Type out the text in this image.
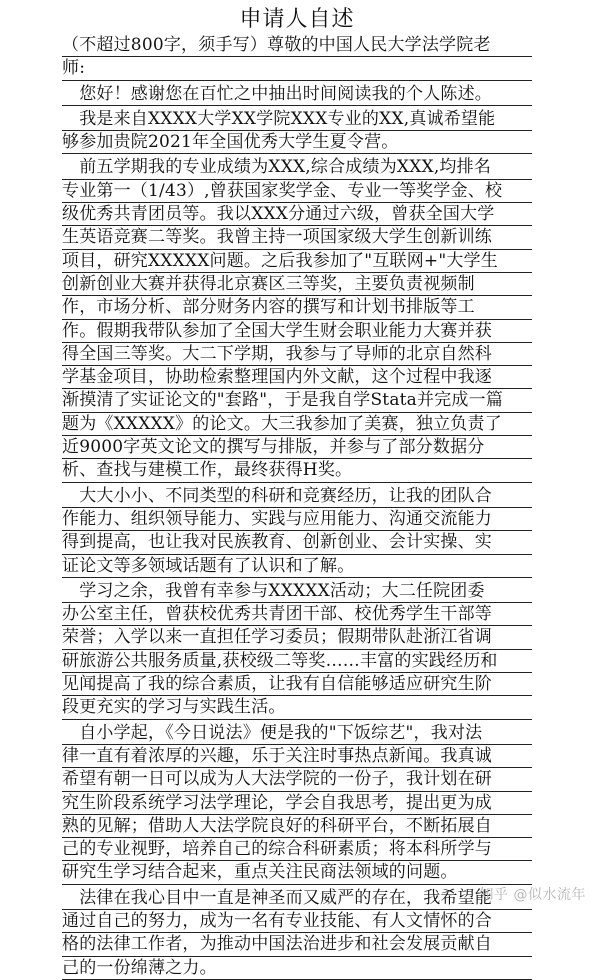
申请人自述
（不超过800字，须手写）尊敬的中国人民大学法学院老
师:
　您好！感谢您在百忙之中抽出时间阅读我的个人陈述。
　我是来自XXXX大学XX学院XXX专业的XX,真诚希望能
够参加贵院2021年全国优秀大学生夏令营。
　前五学期我的专业成绩为XXX,综合成绩为XXX,均排名
专业第一（1/43）,曾获国家奖学金、专业一等奖学金、校
级优秀共青团员等。我以XXX分通过六级，曾获全国大学
生英语竞赛二等奖。我曾主持一项国家级大学生创新训练
项目，研究XXXXX问题。之后我参加了"互联网+"大学生
创新创业大赛并获得北京赛区三等奖，主要负责视频制
作，市场分析、部分财务内容的撰写和计划书排版等工
作。假期我带队参加了全国大学生财会职业能力大赛并获
得全国三等奖。大二下学期，我参与了导师的北京自然科
学基金项目，协助检索整理国内外文献，这个过程中我逐
渐摸清了实证论文的"套路"，于是我自学Stata并完成一篇
题为《XXXXX》的论文。大三我参加了美赛，独立负责了
近9000字英文论文的撰写与排版，并参与了部分数据分
析、查找与建模工作，最终获得H奖。
　大大小小、不同类型的科研和竞赛经历，让我的团队合
作能力、组织领导能力、实践与应用能力、沟通交流能力
得到提高，也让我对民族教育、创新创业、会计实操、实
证论文等多领域话题有了认识和了解。
　学习之余，我曾有幸参与XXXXX活动；大二任院团委
办公室主任，曾获校优秀共青团干部、校优秀学生干部等
荣誉；入学以来一直担任学习委员；假期带队赴浙江省调
研旅游公共服务质量,获校级二等奖……丰富的实践经历和
见闻提高了我的综合素质，让我有自信能够适应研究生阶
段更充实的学习与实践生活。
　自小学起，《今日说法》便是我的"下饭综艺"，我对法
律一直有着浓厚的兴趣，乐于关注时事热点新闻。我真诚
希望有朝一日可以成为人大法学院的一份子，我计划在研
究生阶段系统学习法学理论，学会自我思考，提出更为成
熟的见解；借助人大法学院良好的科研平台，不断拓展自
己的专业视野，培养自己的综合科研素质；将本科所学与
研究生学习结合起来，重点关注民商法领域的问题。
　法律在我心目中一直是神圣而又威严的存在，我希望能
通过自己的努力，成为一名有专业技能、有人文情怀的合
格的法律工作者，为推动中国法治进步和社会发展贡献自
己的一份绵薄之力。
知乎 @似水流年
